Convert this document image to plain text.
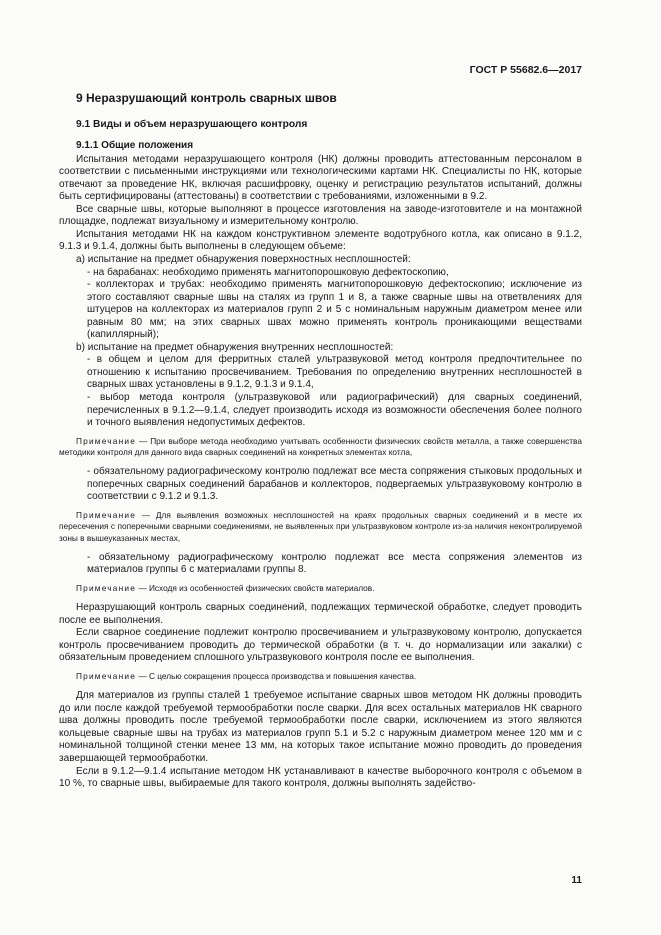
ГОСТ Р 55682.6—2017
9 Неразрушающий контроль сварных швов
9.1 Виды и объем неразрушающего контроля
9.1.1 Общие положения

Испытания методами неразрушающего контроля (НК) должны проводить аттестованным персоналом в соответствии с письменными инструкциями или технологическими картами НК. Специалисты по НК, которые отвечают за проведение НК, включая расшифровку, оценку и регистрацию результатов испытаний, должны быть сертифицированы (аттестованы) в соответствии с требованиями, изложенными в 9.2.

Все сварные швы, которые выполняют в процессе изготовления на заводе-изготовителе и на монтажной площадке, подлежат визуальному и измерительному контролю.

Испытания методами НК на каждом конструктивном элементе водотрубного котла, как описано в 9.1.2, 9.1.3 и 9.1.4, должны быть выполнены в следующем объеме:

a) испытание на предмет обнаружения поверхностных несплошностей:

- на барабанах: необходимо применять магнитопорошковую дефектоскопию,

- коллекторах и трубах: необходимо применять магнитопорошковую дефектоскопию; исключение из этого составляют сварные швы на сталях из групп 1 и 8, а также сварные швы на ответвлениях для штуцеров на коллекторах из материалов групп 2 и 5 с номинальным наружным диаметром менее или равным 80 мм; на этих сварных швах можно применять контроль проникающими веществами (капиллярный);

b) испытание на предмет обнаружения внутренних несплошностей:

- в общем и целом для ферритных сталей ультразвуковой метод контроля предпочтительнее по отношению к испытанию просвечиванием. Требования по определению внутренних несплошностей в сварных швах установлены в 9.1.2, 9.1.3 и 9.1.4,

- выбор метода контроля (ультразвуковой или радиографический) для сварных соединений, перечисленных в 9.1.2—9.1.4, следует производить исходя из возможности обеспечения более полного и точного выявления недопустимых дефектов.

Примечание — При выборе метода необходимо учитывать особенности физических свойств металла, а также совершенства методики контроля для данного вида сварных соединений на конкретных элементах котла,

- обязательному радиографическому контролю подлежат все места сопряжения стыковых продольных и поперечных сварных соединений барабанов и коллекторов, подвергаемых ультразвуковому контролю в соответствии с 9.1.2 и 9.1.3.

Примечание — Для выявления возможных несплошностей на краях продольных сварных соединений и в месте их пересечения с поперечными сварными соединениями, не выявленных при ультразвуковом контроле из-за наличия неконтролируемой зоны в вышеуказанных местах,

- обязательному радиографическому контролю подлежат все места сопряжения элементов из материалов группы 6 с материалами группы 8.

Примечание — Исходя из особенностей физических свойств материалов.

Неразрушающий контроль сварных соединений, подлежащих термической обработке, следует проводить после ее выполнения.

Если сварное соединение подлежит контролю просвечиванием и ультразвуковому контролю, допускается контроль просвечиванием проводить до термической обработки (в т. ч. до нормализации или закалки) с обязательным проведением сплошного ультразвукового контроля после ее выполнения.

Примечание — С целью сокращения процесса производства и повышения качества.

Для материалов из группы сталей 1 требуемое испытание сварных швов методом НК должны проводить до или после каждой требуемой термообработки после сварки. Для всех остальных материалов НК сварного шва должны проводить после требуемой термообработки после сварки, исключением из этого являются кольцевые сварные швы на трубах из материалов групп 5.1 и 5.2 с наружным диаметром менее 120 мм и с номинальной толщиной стенки менее 13 мм, на которых такое испытание можно проводить до проведения завершающей термообработки.

Если в 9.1.2—9.1.4 испытание методом НК устанавливают в качестве выборочного контроля с объемом в 10 %, то сварные швы, выбираемые для такого контроля, должны выполнять задейство-

11
